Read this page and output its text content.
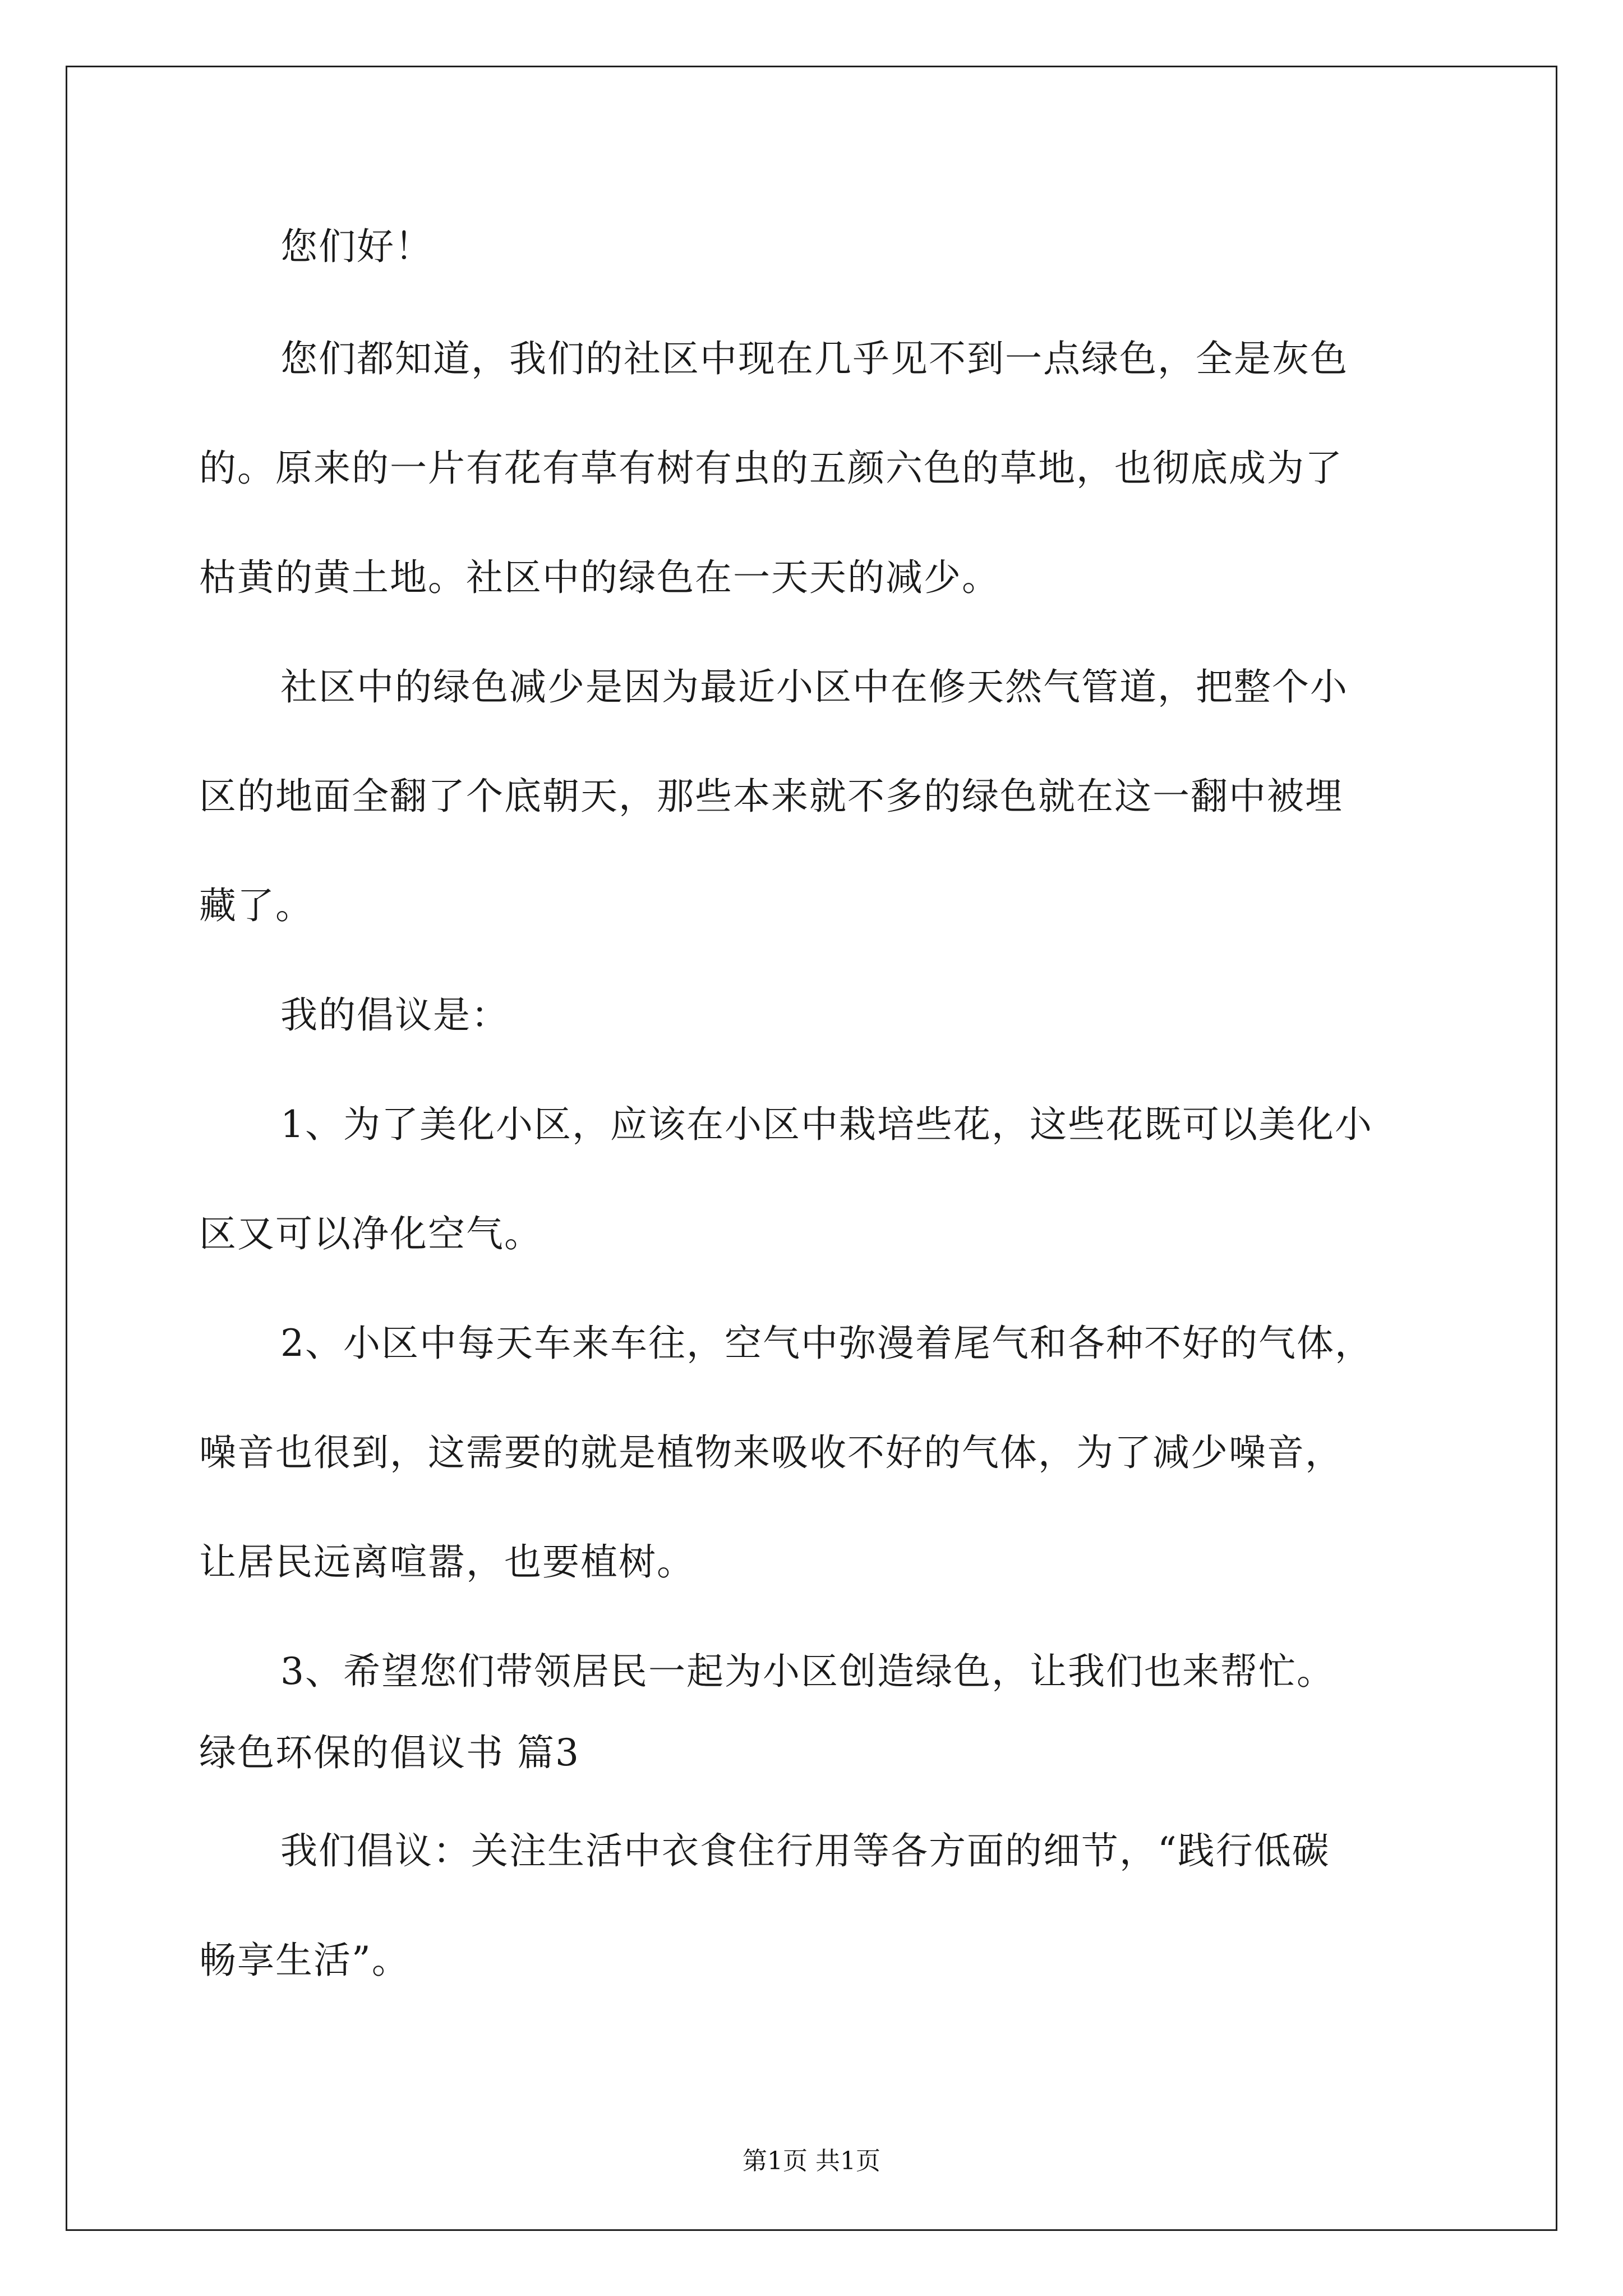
您们好！
您们都知道，我们的社区中现在几乎见不到一点绿色，全是灰色
的。原来的一片有花有草有树有虫的五颜六色的草地，也彻底成为了
枯黄的黄土地。社区中的绿色在一天天的减少。
社区中的绿色减少是因为最近小区中在修天然气管道，把整个小
区的地面全翻了个底朝天，那些本来就不多的绿色就在这一翻中被埋
藏了。
我的倡议是：
1、为了美化小区，应该在小区中栽培些花，这些花既可以美化小
区又可以净化空气。
2、小区中每天车来车往，空气中弥漫着尾气和各种不好的气体，
噪音也很到，这需要的就是植物来吸收不好的气体，为了减少噪音，
让居民远离喧嚣，也要植树。
3、希望您们带领居民一起为小区创造绿色，让我们也来帮忙。
绿色环保的倡议书 篇3
我们倡议：关注生活中衣食住行用等各方面的细节，“践行低碳
畅享生活”。
第1页 共1页
